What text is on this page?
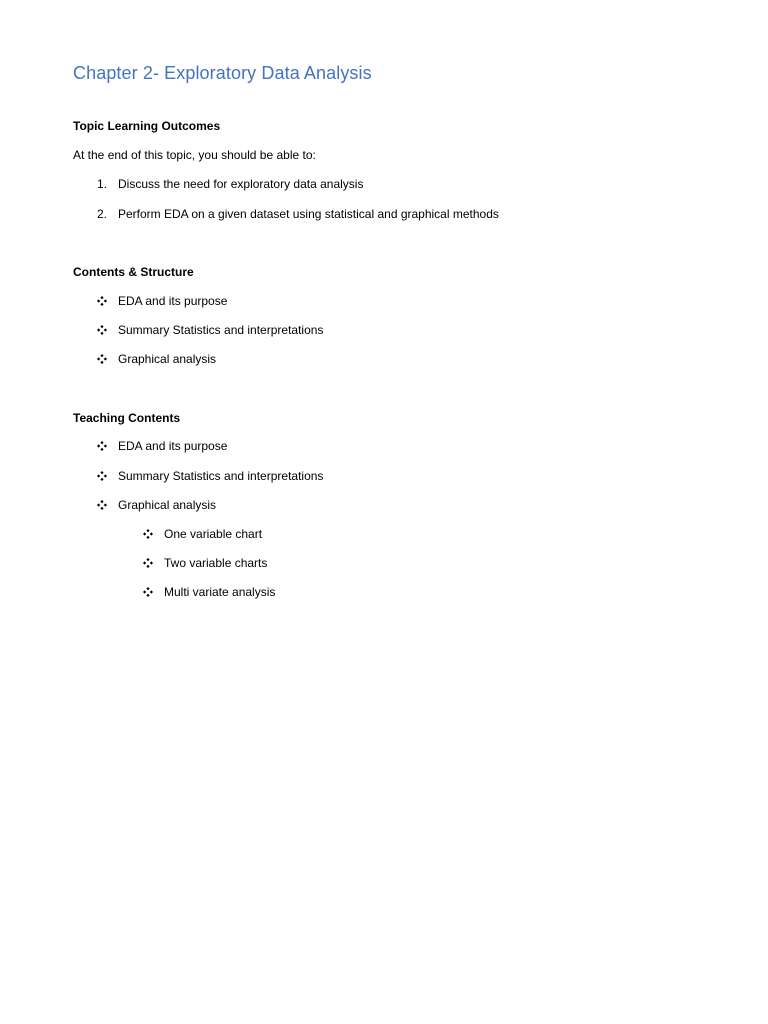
Chapter 2- Exploratory Data Analysis

Topic Learning Outcomes

At the end of this topic, you should be able to:

1. Discuss the need for exploratory data analysis
2. Perform EDA on a given dataset using statistical and graphical methods

Contents & Structure

EDA and its purpose
Summary Statistics and interpretations
Graphical analysis

Teaching Contents

EDA and its purpose
Summary Statistics and interpretations
Graphical analysis
One variable chart
Two variable charts
Multi variate analysis
